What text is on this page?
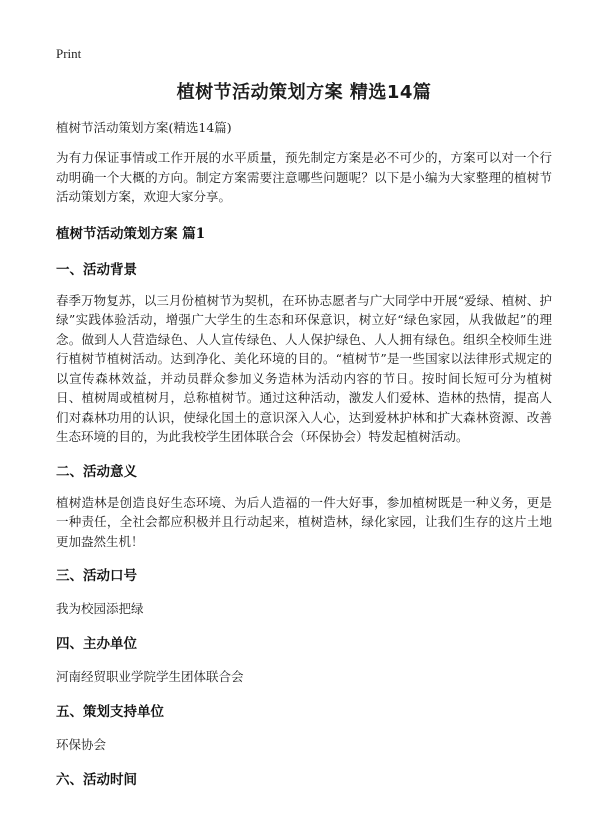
Print

植树节活动策划方案 精选14篇

植树节活动策划方案(精选14篇)

为有力保证事情或工作开展的水平质量，预先制定方案是必不可少的，方案可以对一个行动明确一个大概的方向。制定方案需要注意哪些问题呢？以下是小编为大家整理的植树节活动策划方案，欢迎大家分享。

植树节活动策划方案 篇1
一、活动背景

春季万物复苏，以三月份植树节为契机，在环协志愿者与广大同学中开展“爱绿、植树、护绿”实践体验活动，增强广大学生的生态和环保意识，树立好“绿色家园，从我做起”的理念。做到人人营造绿色、人人宣传绿色、人人保护绿色、人人拥有绿色。组织全校师生进行植树节植树活动。达到净化、美化环境的目的。“植树节”是一些国家以法律形式规定的以宣传森林效益，并动员群众参加义务造林为活动内容的节日。按时间长短可分为植树日、植树周或植树月，总称植树节。通过这种活动，激发人们爱林、造林的热情，提高人们对森林功用的认识，使绿化国土的意识深入人心，达到爱林护林和扩大森林资源、改善生态环境的目的，为此我校学生团体联合会（环保协会）特发起植树活动。

二、活动意义

植树造林是创造良好生态环境、为后人造福的一件大好事，参加植树既是一种义务，更是一种责任，全社会都应积极并且行动起来，植树造林，绿化家园，让我们生存的这片土地更加盎然生机！

三、活动口号

我为校园添把绿

四、主办单位

河南经贸职业学院学生团体联合会

五、策划支持单位

环保协会

六、活动时间
